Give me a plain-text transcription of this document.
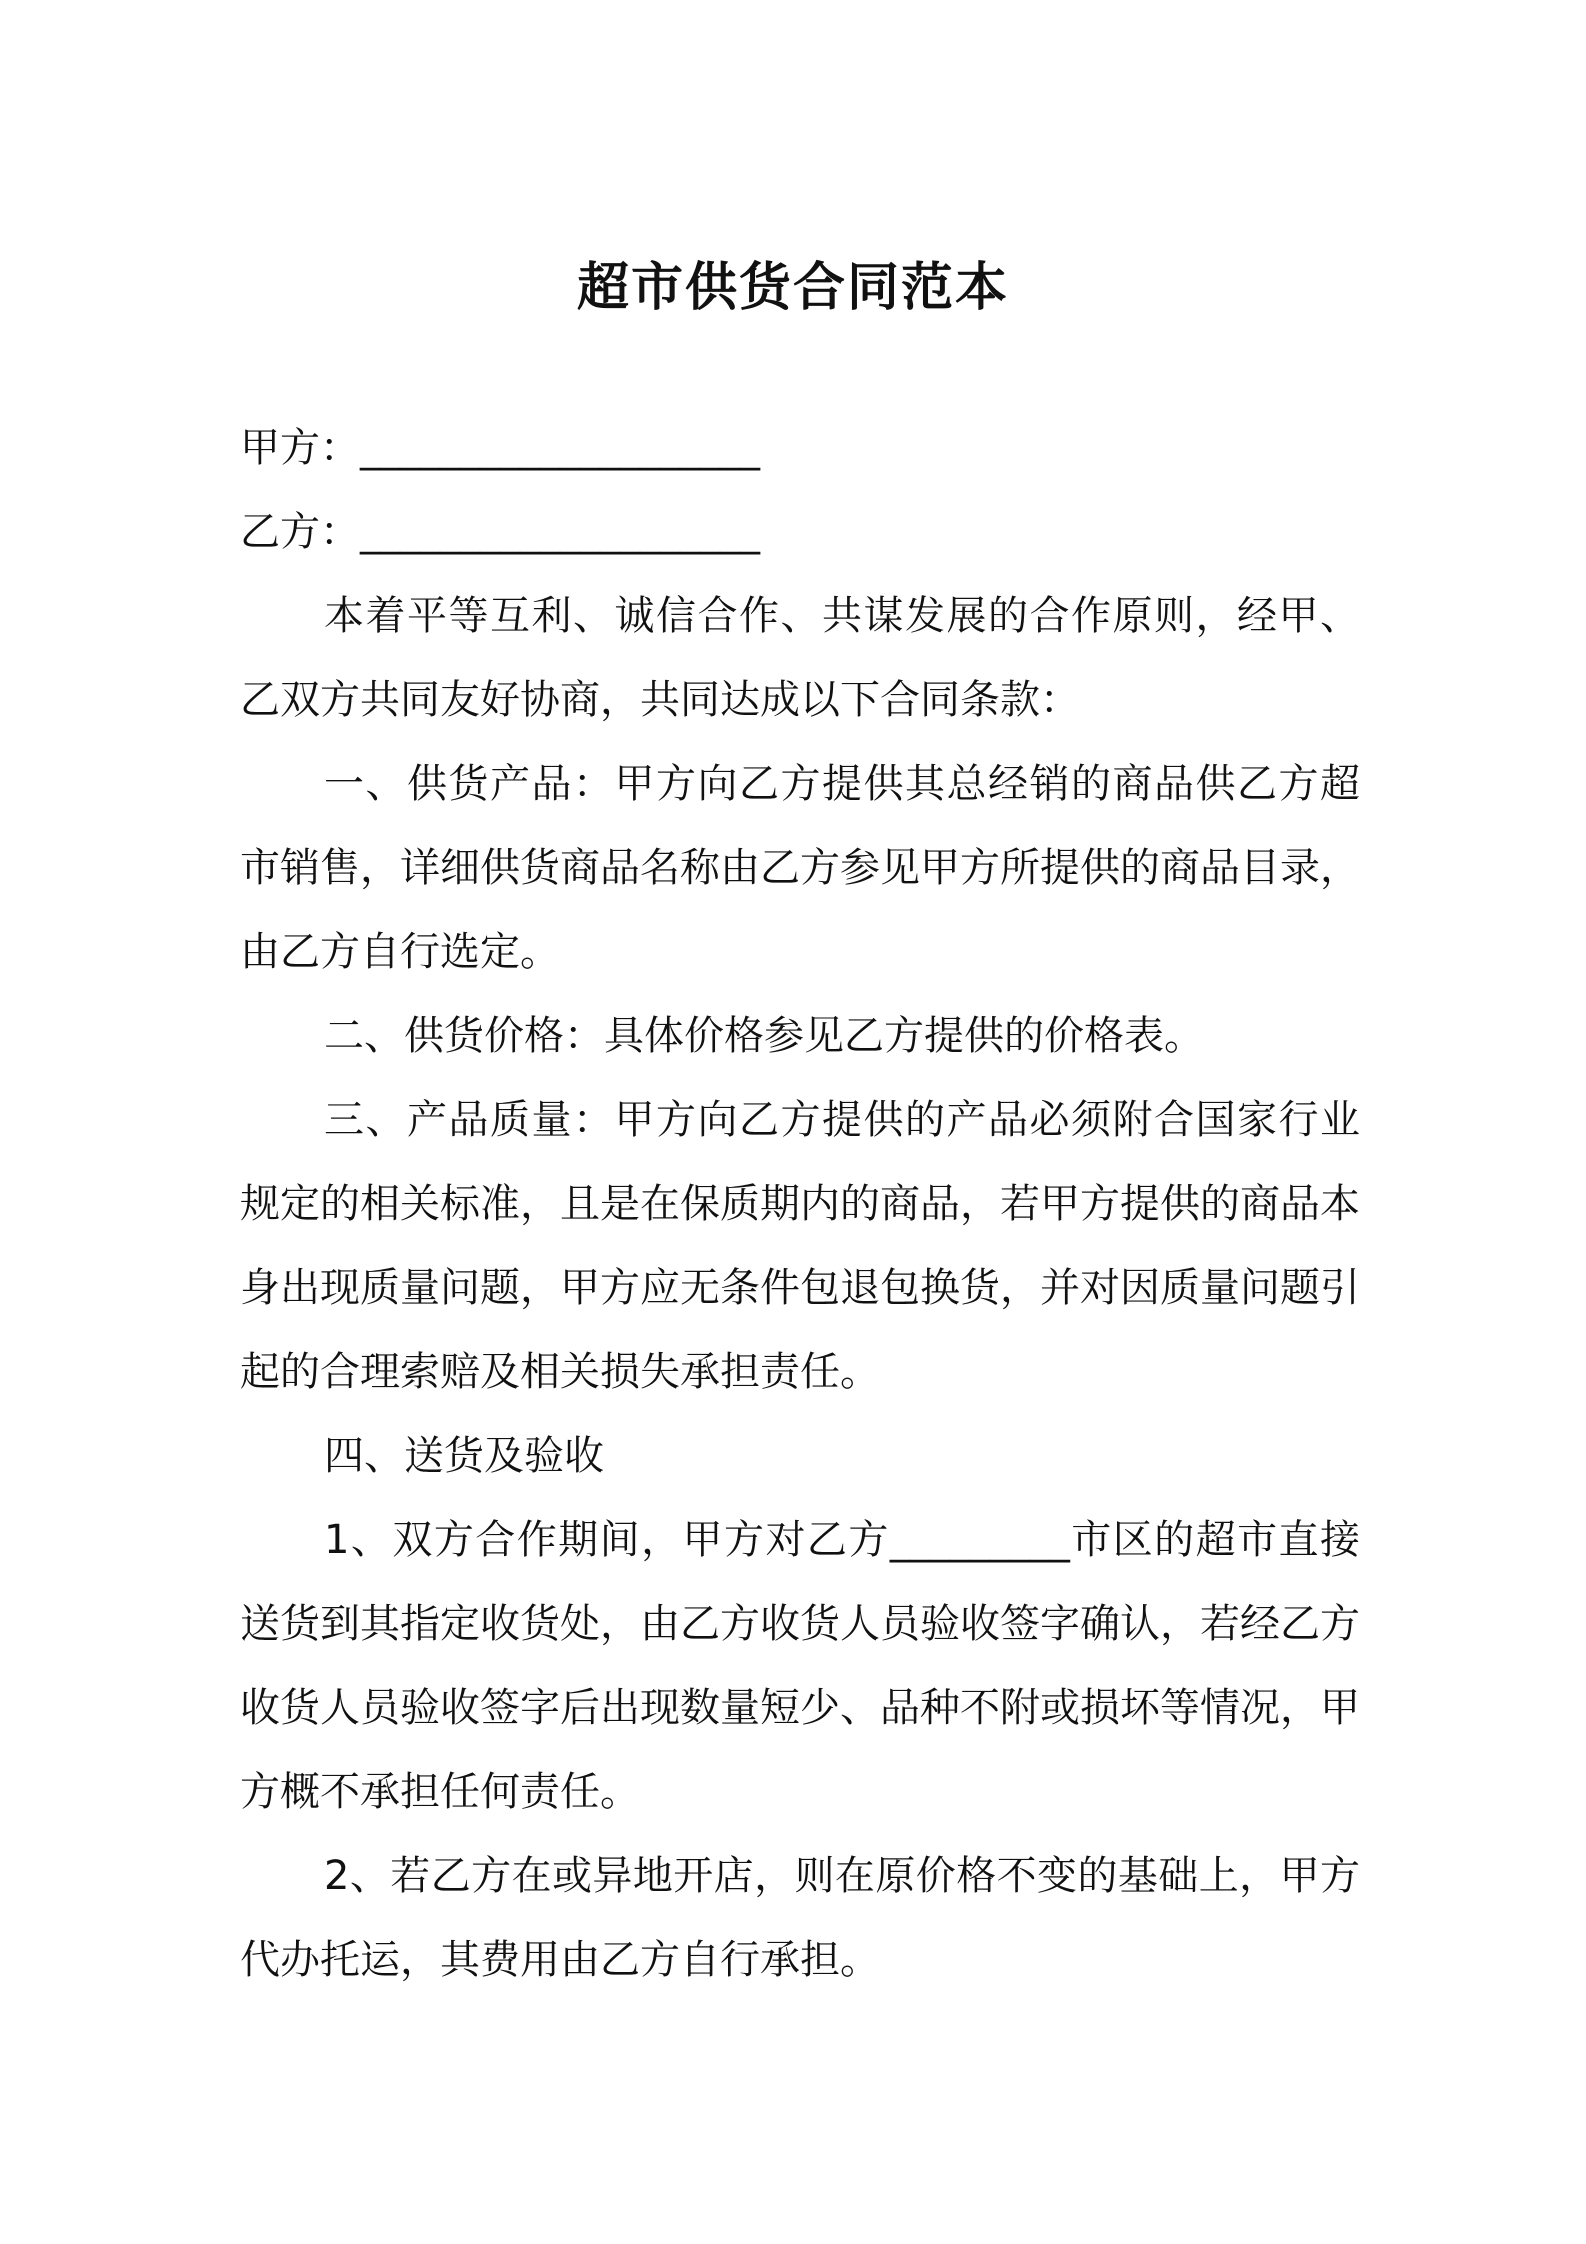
超市供货合同范本

甲方：____________________

乙方：____________________

本着平等互利、诚信合作、共谋发展的合作原则，经甲、乙双方共同友好协商，共同达成以下合同条款：

一、供货产品：甲方向乙方提供其总经销的商品供乙方超市销售，详细供货商品名称由乙方参见甲方所提供的商品目录，由乙方自行选定。

二、供货价格：具体价格参见乙方提供的价格表。

三、产品质量：甲方向乙方提供的产品必须附合国家行业规定的相关标准，且是在保质期内的商品，若甲方提供的商品本身出现质量问题，甲方应无条件包退包换货，并对因质量问题引起的合理索赔及相关损失承担责任。

四、送货及验收

1、双方合作期间，甲方对乙方_________市区的超市直接送货到其指定收货处，由乙方收货人员验收签字确认，若经乙方收货人员验收签字后出现数量短少、品种不附或损坏等情况，甲方概不承担任何责任。

2、若乙方在或异地开店，则在原价格不变的基础上，甲方代办托运，其费用由乙方自行承担。
